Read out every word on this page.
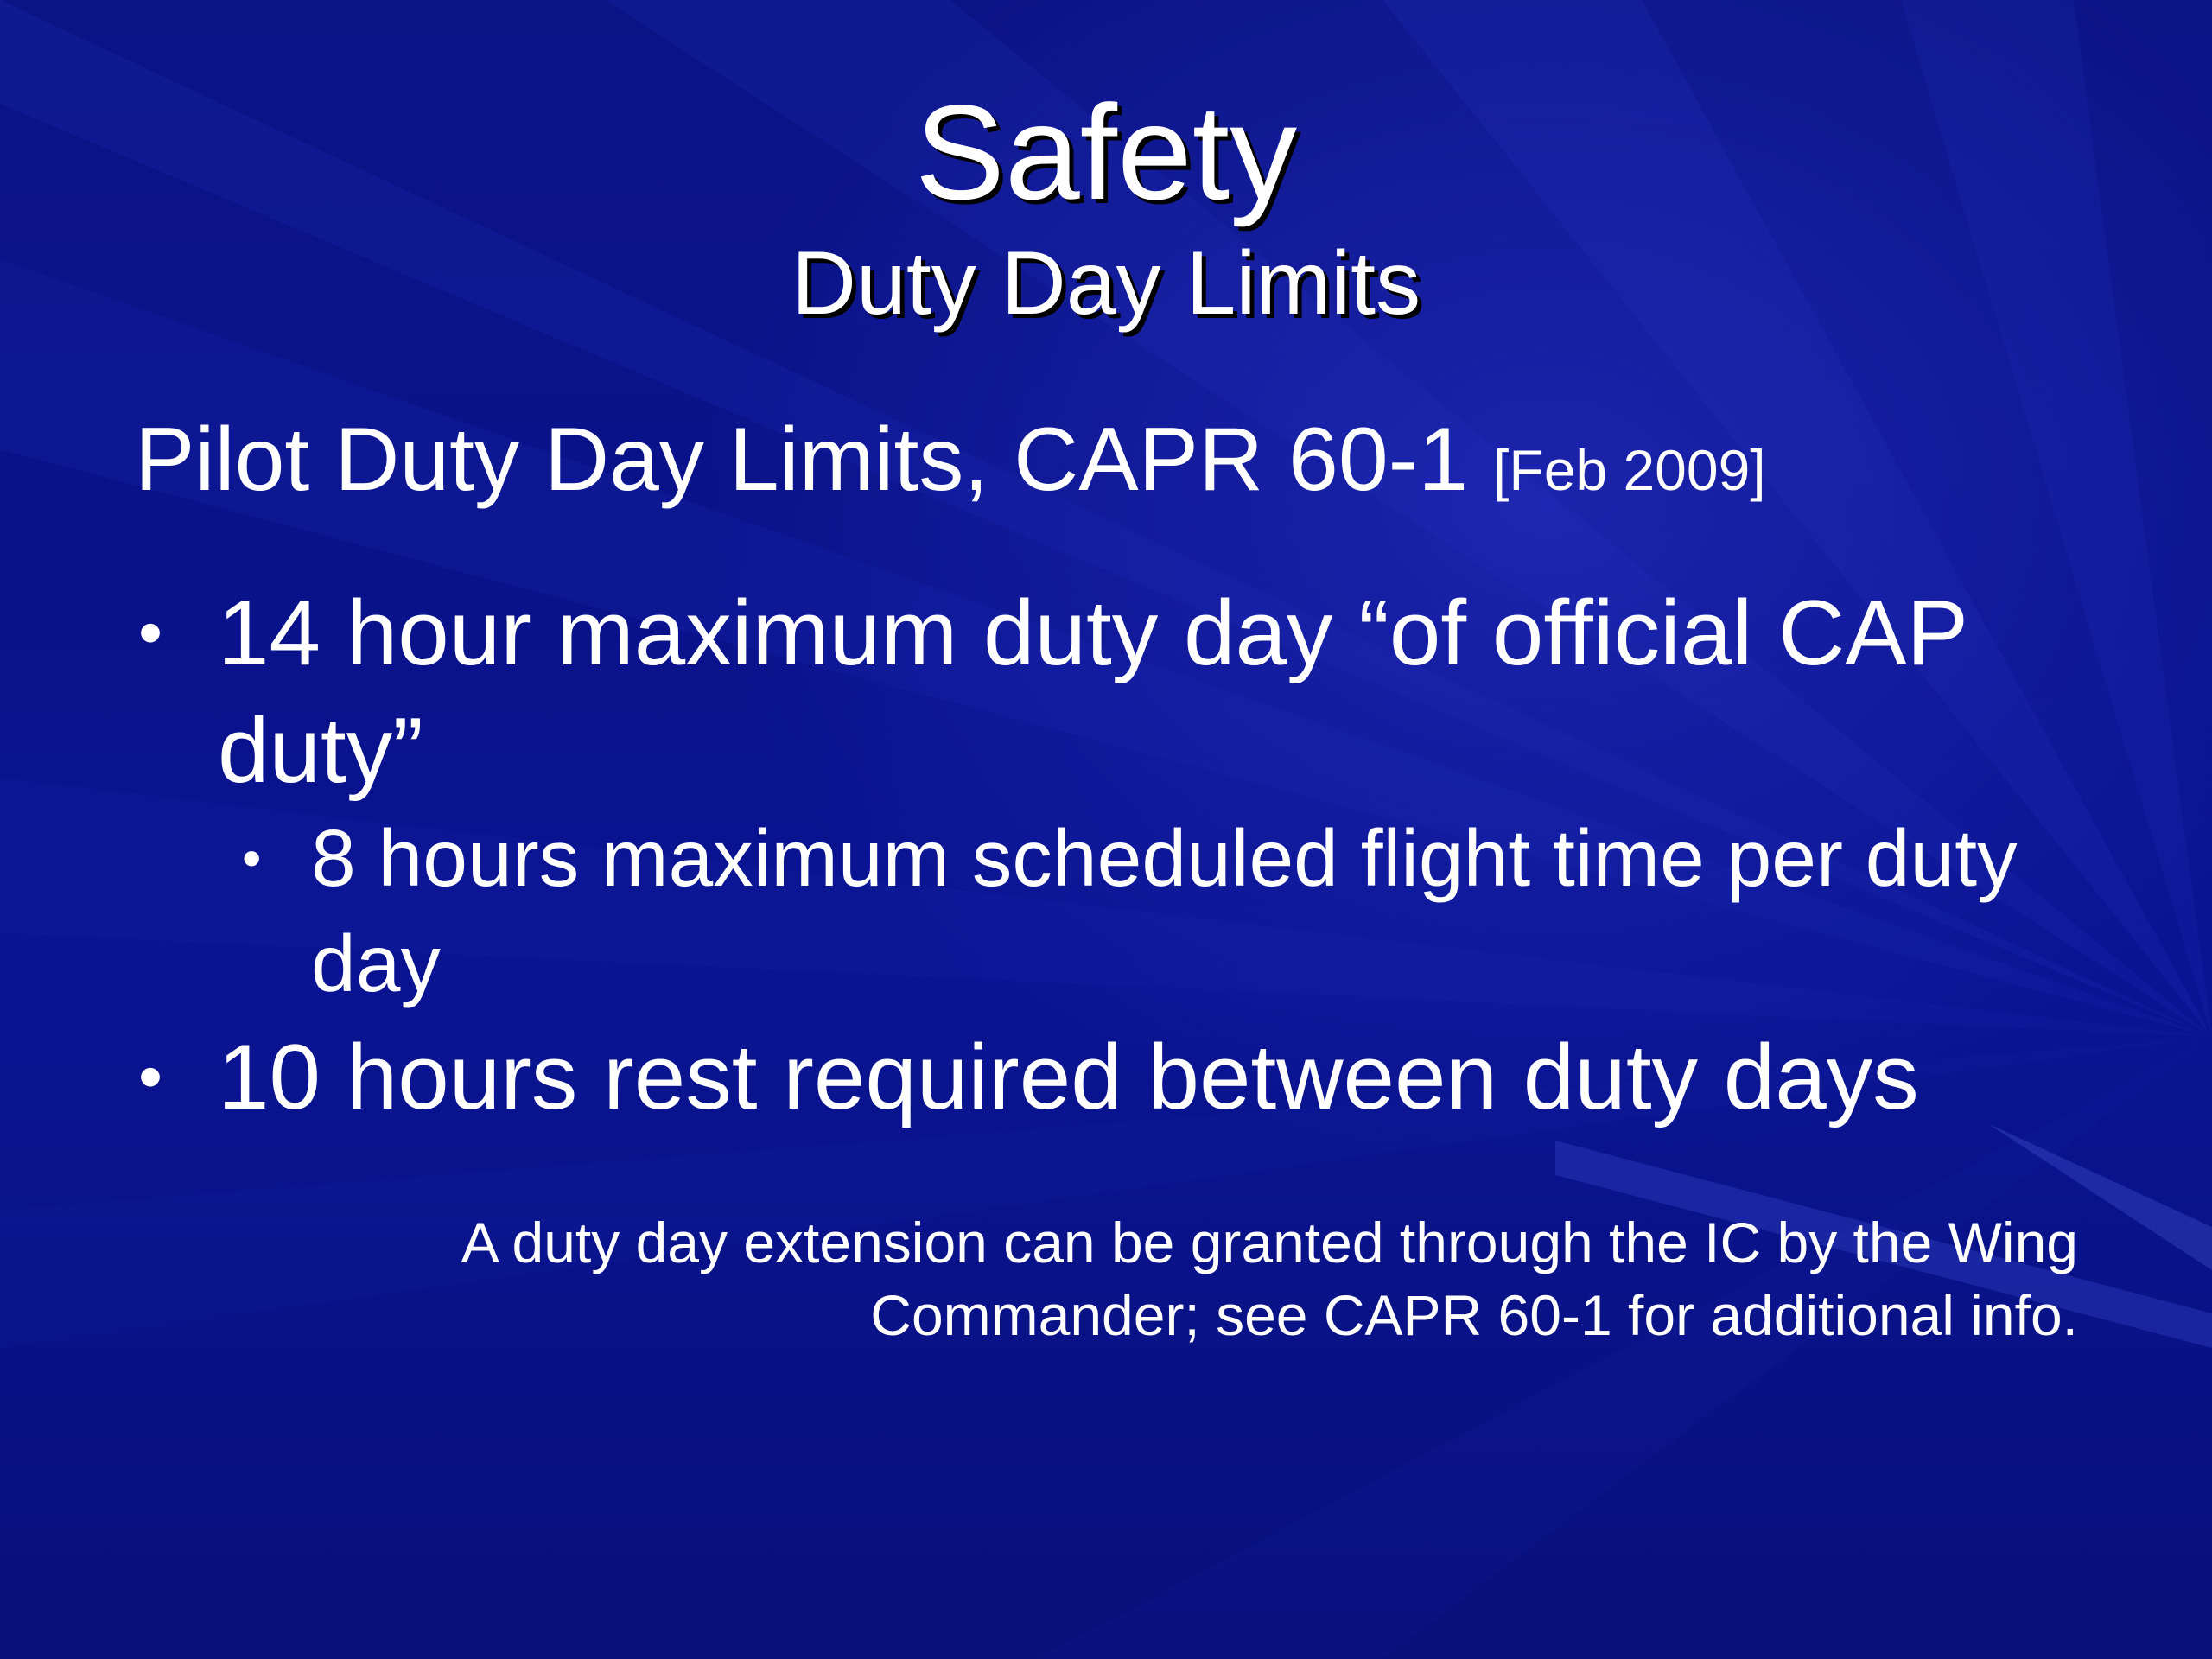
Safety
Duty Day Limits
Pilot Duty Day Limits, CAPR 60-1 [Feb 2009]
• 14 hour maximum duty day “of official CAP duty”
• 8 hours maximum scheduled flight time per duty day
• 10 hours rest required between duty days
A duty day extension can be granted through the IC by the Wing
Commander; see CAPR 60-1 for additional info.
